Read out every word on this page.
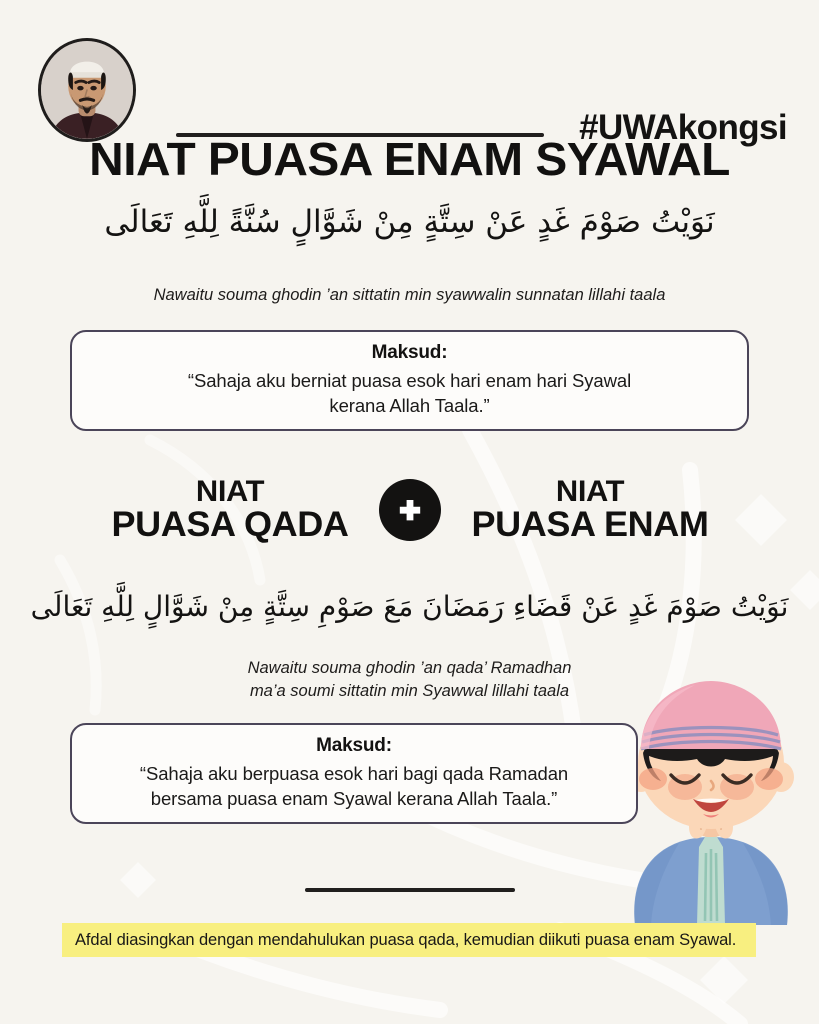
#UWAkongsi
NIAT PUASA ENAM SYAWAL
نَوَيْتُ صَوْمَ غَدٍ عَنْ سِتَّةٍ مِنْ شَوَّالٍ سُنَّةً لِلَّهِ تَعَالَى
Nawaitu souma ghodin ’an sittatin min syawwalin sunnatan lillahi taala
Maksud:
“Sahaja aku berniat puasa esok hari enam hari Syawal
kerana Allah Taala.”
NIAT
PUASA QADA
NIAT
PUASA ENAM
نَوَيْتُ صَوْمَ غَدٍ عَنْ قَضَاءِ رَمَضَانَ مَعَ صَوْمِ سِتَّةٍ مِنْ شَوَّالٍ لِلَّهِ تَعَالَى
Nawaitu souma ghodin ’an qada’ Ramadhan
ma’a soumi sittatin min Syawwal lillahi taala
Maksud:
“Sahaja aku berpuasa esok hari bagi qada Ramadan
bersama puasa enam Syawal kerana Allah Taala.”
Afdal diasingkan dengan mendahulukan puasa qada, kemudian diikuti puasa enam Syawal.
